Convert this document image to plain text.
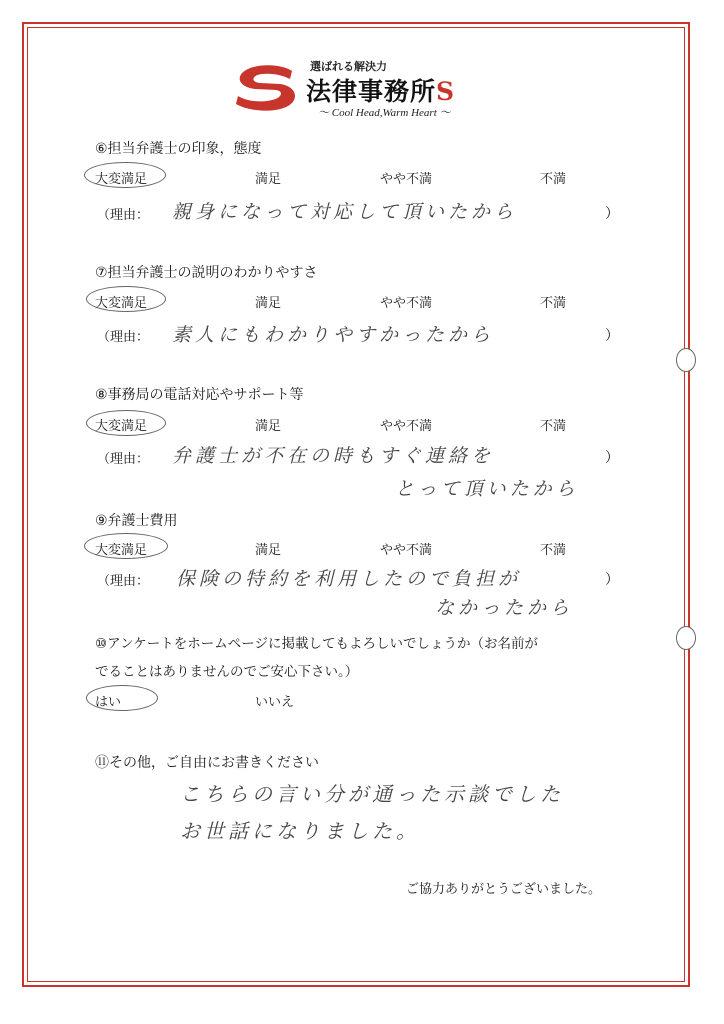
選ばれる解決力
法律事務所S
〜 Cool Head,Warm Heart 〜
⑥担当弁護士の印象，態度
大変満足	満足	やや不満	不満
（理由： 親身になって対応して頂いたから	）
⑦担当弁護士の説明のわかりやすさ
大変満足	満足	やや不満	不満
（理由： 素人にもわかりやすかったから	）
⑧事務局の電話対応やサポート等
大変満足	満足	やや不満	不満
（理由： 弁護士が不在の時もすぐ連絡を
とって頂いたから
）
⑨弁護士費用
大変満足	満足	やや不満	不満
（理由： 保険の特約を利用したので負担が
なかったから
）
⑩アンケートをホームページに掲載してもよろしいでしょうか（お名前が
でることはありませんのでご安心下さい。）
はい	いいえ
⑪その他，ご自由にお書きください
こちらの言い分が通った示談でした
お世話になりました。
ご協力ありがとうございました。
